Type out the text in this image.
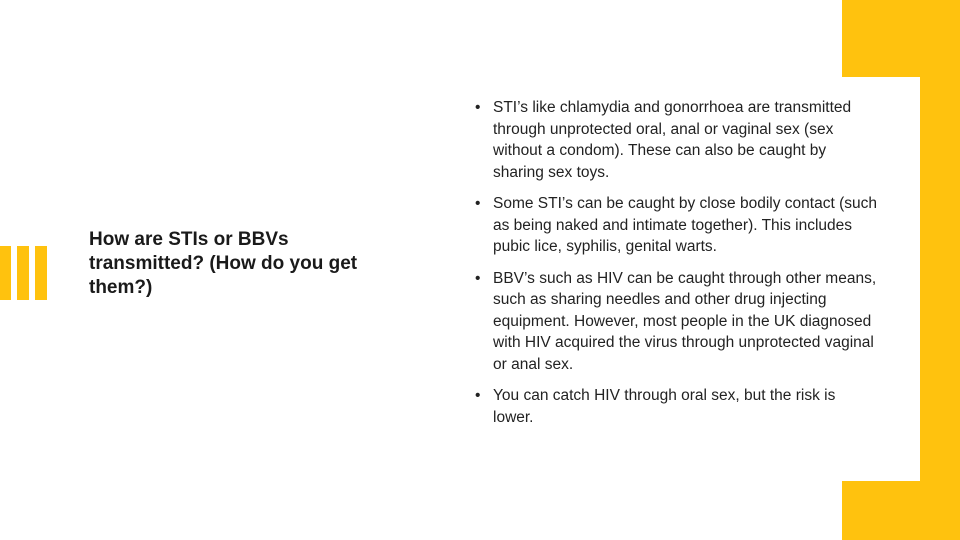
How are STIs or BBVs transmitted? (How do you get them?)
• STI’s like chlamydia and gonorrhoea are transmitted through unprotected oral, anal or vaginal sex (sex without a condom). These can also be caught by sharing sex toys.
• Some STI’s can be caught by close bodily contact (such as being naked and intimate together). This includes pubic lice, syphilis, genital warts.
• BBV’s such as HIV can be caught through other means, such as sharing needles and other drug injecting equipment. However, most people in the UK diagnosed with HIV acquired the virus through unprotected vaginal or anal sex.
• You can catch HIV through oral sex, but the risk is lower.
